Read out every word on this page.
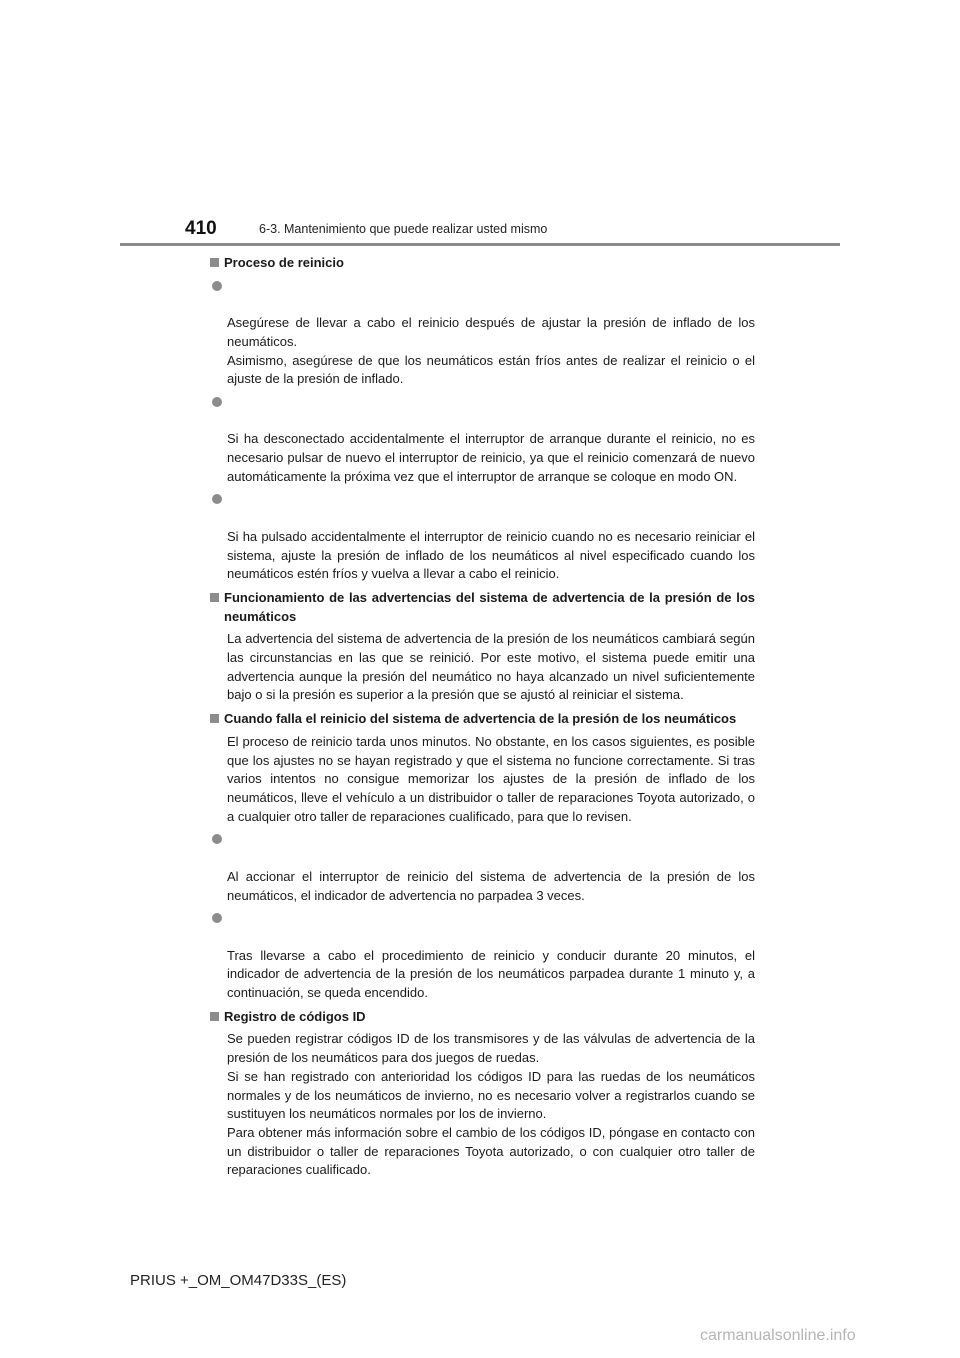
410	6-3. Mantenimiento que puede realizar usted mismo
Proceso de reinicio

Asegúrese de llevar a cabo el reinicio después de ajustar la presión de inflado de los neumáticos.
Asimismo, asegúrese de que los neumáticos están fríos antes de realizar el reinicio o el ajuste de la presión de inflado.

Si ha desconectado accidentalmente el interruptor de arranque durante el reinicio, no es necesario pulsar de nuevo el interruptor de reinicio, ya que el reinicio comenzará de nuevo automáticamente la próxima vez que el interruptor de arranque se coloque en modo ON.

Si ha pulsado accidentalmente el interruptor de reinicio cuando no es necesario reiniciar el sistema, ajuste la presión de inflado de los neumáticos al nivel especificado cuando los neumáticos estén fríos y vuelva a llevar a cabo el reinicio.

Funcionamiento de las advertencias del sistema de advertencia de la presión de los neumáticos
La advertencia del sistema de advertencia de la presión de los neumáticos cambiará según las circunstancias en las que se reinició. Por este motivo, el sistema puede emitir una advertencia aunque la presión del neumático no haya alcanzado un nivel suficientemente bajo o si la presión es superior a la presión que se ajustó al reiniciar el sistema.
Cuando falla el reinicio del sistema de advertencia de la presión de los neumáticos
El proceso de reinicio tarda unos minutos. No obstante, en los casos siguientes, es posible que los ajustes no se hayan registrado y que el sistema no funcione correctamente. Si tras varios intentos no consigue memorizar los ajustes de la presión de inflado de los neumáticos, lleve el vehículo a un distribuidor o taller de reparaciones Toyota autorizado, o a cualquier otro taller de reparaciones cualificado, para que lo revisen.

Al accionar el interruptor de reinicio del sistema de advertencia de la presión de los neumáticos, el indicador de advertencia no parpadea 3 veces.

Tras llevarse a cabo el procedimiento de reinicio y conducir durante 20 minutos, el indicador de advertencia de la presión de los neumáticos parpadea durante 1 minuto y, a continuación, se queda encendido.

Registro de códigos ID
Se pueden registrar códigos ID de los transmisores y de las válvulas de advertencia de la presión de los neumáticos para dos juegos de ruedas.
Si se han registrado con anterioridad los códigos ID para las ruedas de los neumáticos normales y de los neumáticos de invierno, no es necesario volver a registrarlos cuando se sustituyen los neumáticos normales por los de invierno.
Para obtener más información sobre el cambio de los códigos ID, póngase en contacto con un distribuidor o taller de reparaciones Toyota autorizado, o con cualquier otro taller de reparaciones cualificado.
PRIUS +_OM_OM47D33S_(ES)
carmanualsonline.info
